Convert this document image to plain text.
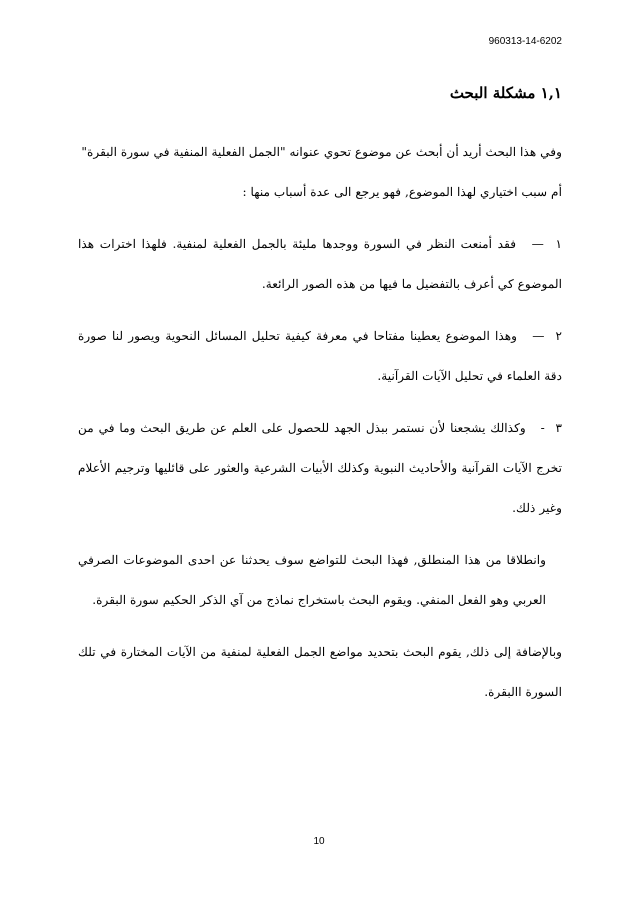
960313-14-6202
١,١ مشكلة البحث

وفي هذا البحث أريد أن أبحث عن موضوع تحوي عنوانه "الجمل الفعلية المنفية في سورة البقرة"

أم سبب اختياري لهذا الموضوع, فهو يرجع الى عدة أسباب منها :

١ — فقد أمنعت النظر في السورة ووجدها مليئة بالجمل الفعلية لمنفية. فلهذا اخترات هذا الموضوع كي أعرف بالتفضيل ما فيها من هذه الصور الرائعة.

٢ — وهذا الموضوع يعطينا مفتاحا في معرفة كيفية تحليل المسائل النحوية ويصور لنا صورة دقة العلماء في تحليل الآيات القرآنية.

٣ - وكذالك يشجعنا لأن نستمر ببذل الجهد للحصول على العلم عن طريق البحث وما في من تخرج الآيات القرآنية والأحاديث النبوية وكذلك الأبيات الشرعية والعثور على قائليها وترجيم الأعلام وغير ذلك.

وانطلاقا من هذا المنطلق, فهذا البحث للتواضع سوف يحدثنا عن احدى الموضوعات الصرفي العربي وهو الفعل المنفي. ويقوم البحث باستخراج نماذج من آي الذكر الحكيم سورة البقرة.

وبالإضافة إلى ذلك, يقوم البحث بتحديد مواضع الجمل الفعلية لمنفية من الآيات المختارة في تلك السورة االبقرة.

10
